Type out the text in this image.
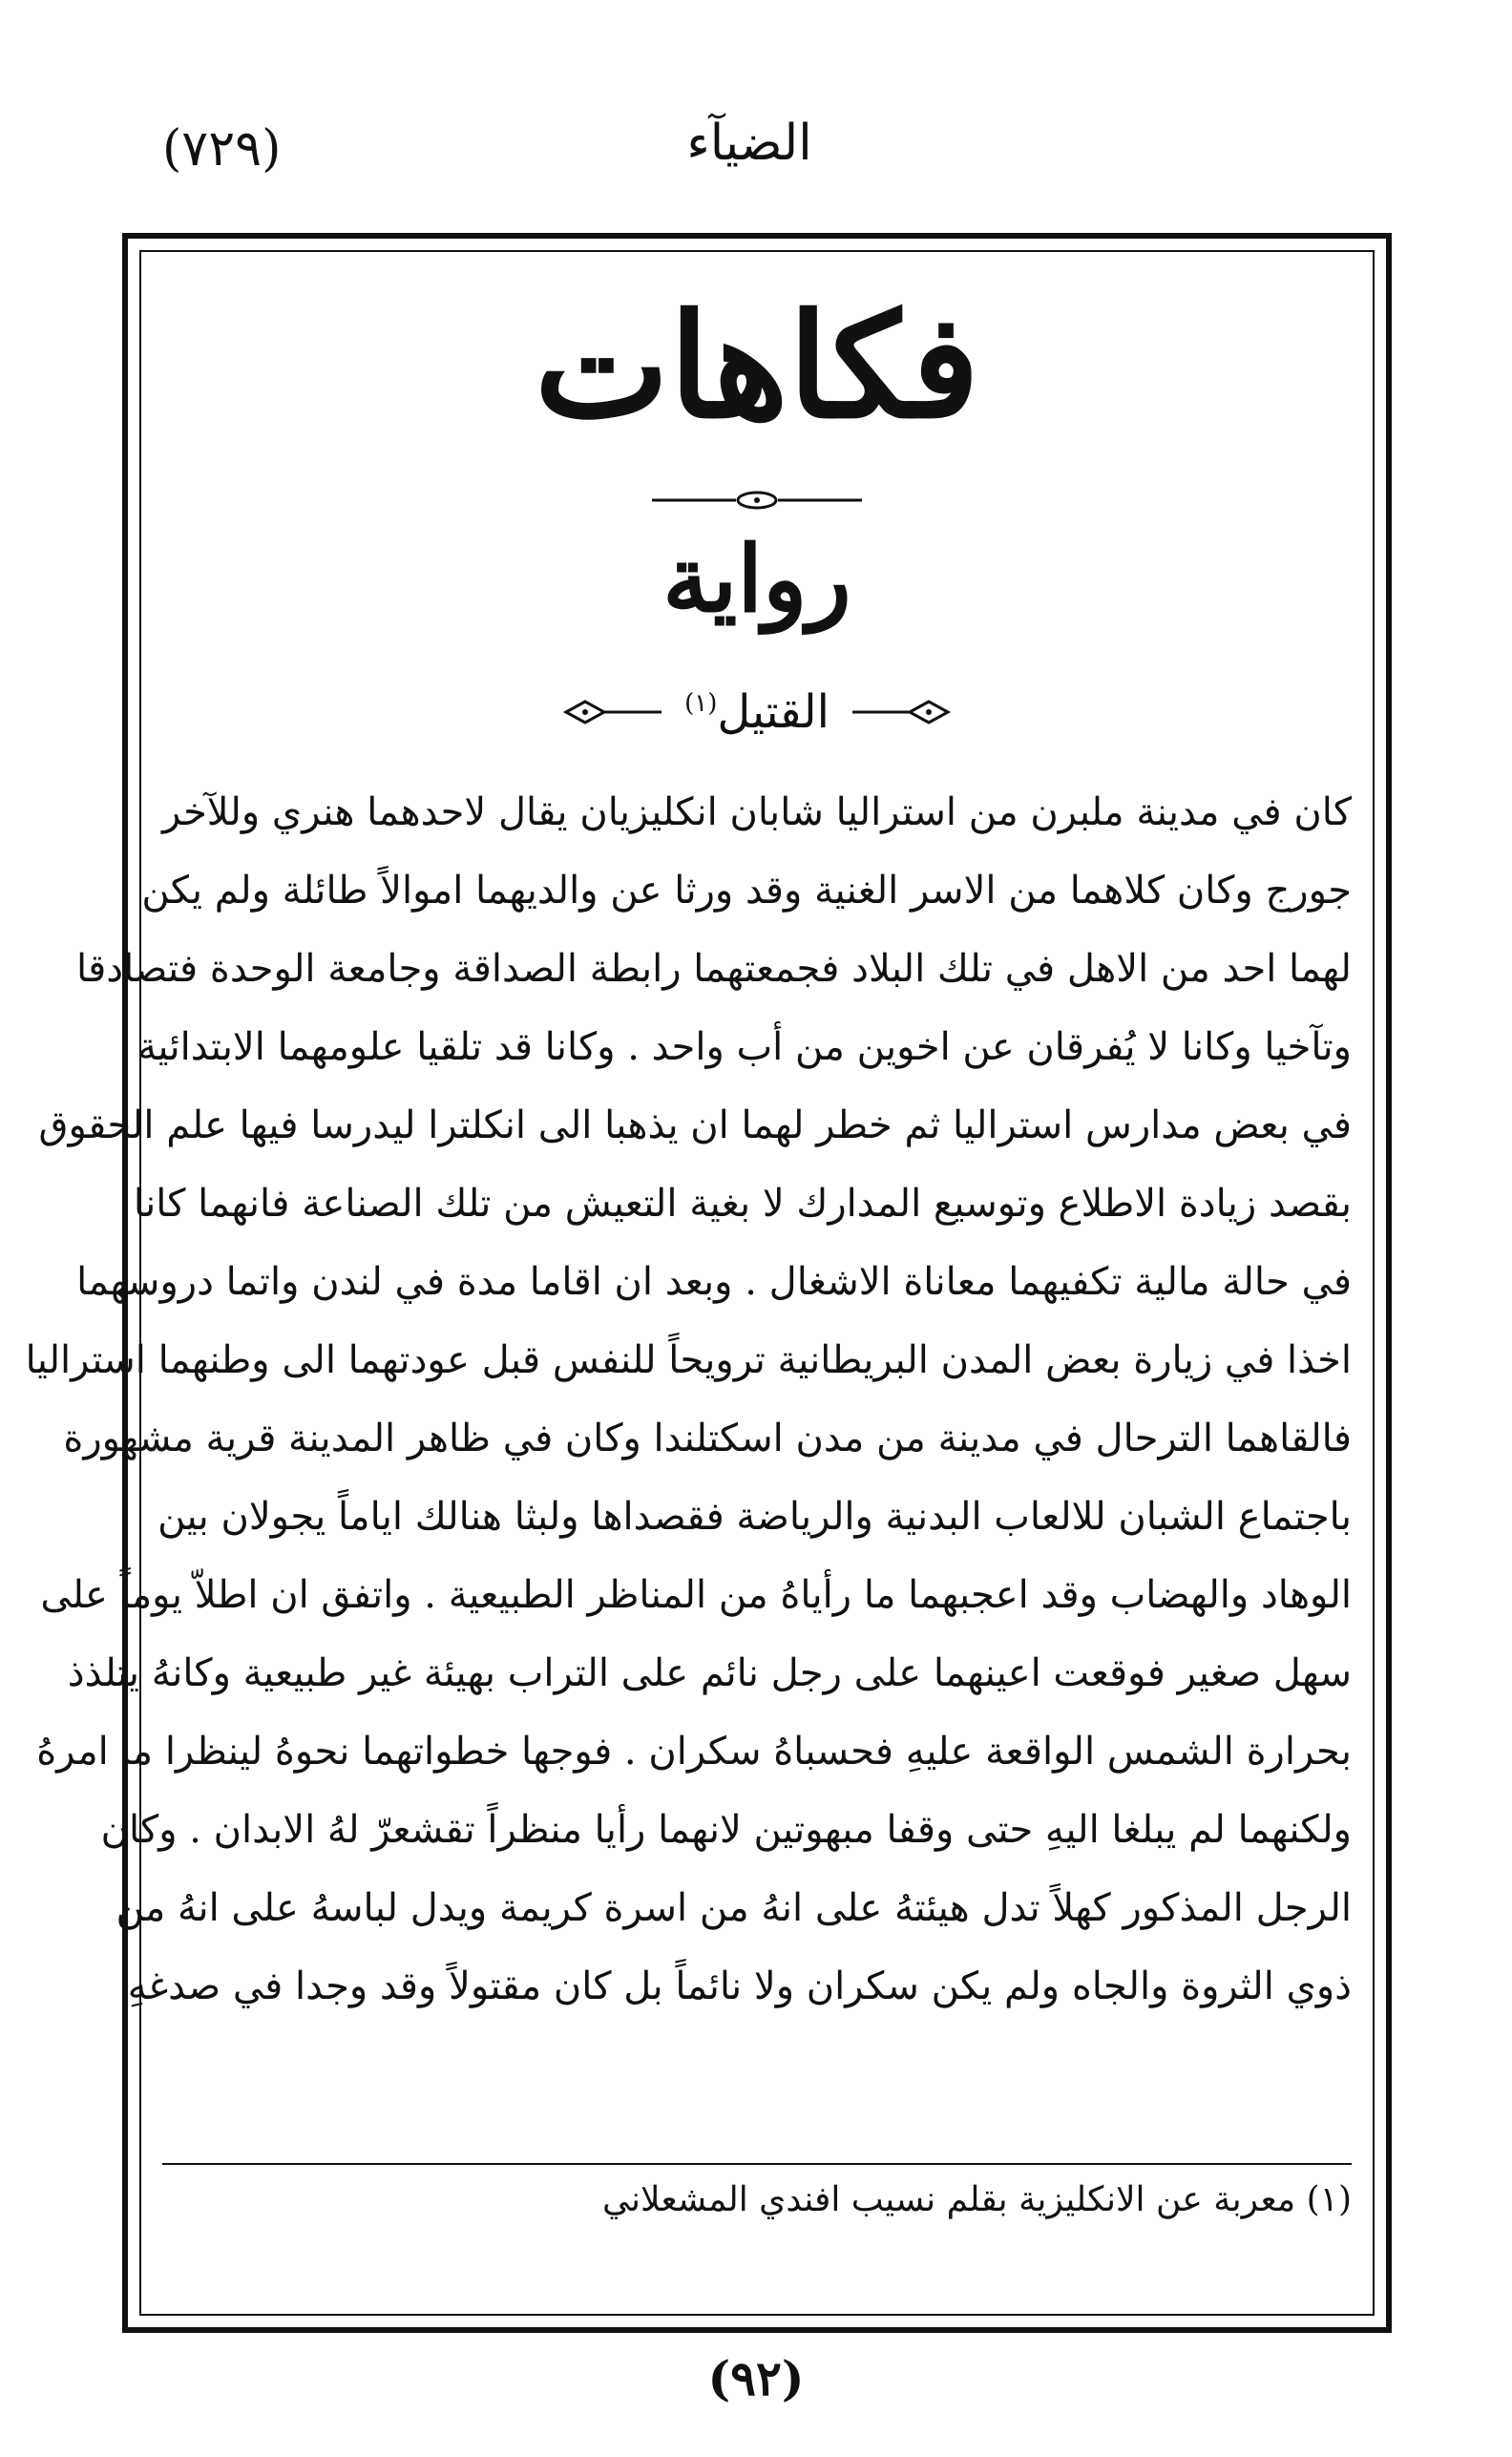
الضيآء
(٧٢٩)
فكاهات
رواية
القتيل$^{(١)}$
كان في مدينة ملبرن من استراليا شابان انكليزيان يقال لاحدهما هنري وللآخر
جورج وكان كلاهما من الاسر الغنية وقد ورثا عن والديهما اموالاً طائلة ولم يكن
لهما احد من الاهل في تلك البلاد فجمعتهما رابطة الصداقة وجامعة الوحدة فتصادقا
وتآخيا وكانا لا يُفرقان عن اخوين من أب واحد . وكانا قد تلقيا علومهما الابتدائية
في بعض مدارس استراليا ثم خطر لهما ان يذهبا الى انكلترا ليدرسا فيها علم الحقوق
بقصد زيادة الاطلاع وتوسيع المدارك لا بغية التعيش من تلك الصناعة فانهما كانا
في حالة مالية تكفيهما معاناة الاشغال . وبعد ان اقاما مدة في لندن واتما دروسهما
اخذا في زيارة بعض المدن البريطانية ترويحاً للنفس قبل عودتهما الى وطنهما استراليا
فالقاهما الترحال في مدينة من مدن اسكتلندا وكان في ظاهر المدينة قرية مشهورة
باجتماع الشبان للالعاب البدنية والرياضة فقصداها ولبثا هنالك اياماً يجولان بين
الوهاد والهضاب وقد اعجبهما ما رأياهُ من المناظر الطبيعية . واتفق ان اطلاّ يوماً على
سهل صغير فوقعت اعينهما على رجل نائم على التراب بهيئة غير طبيعية وكانهُ يتلذذ
بحرارة الشمس الواقعة عليهِ فحسباهُ سكران . فوجها خطواتهما نحوهُ لينظرا ما امرهُ
ولكنهما لم يبلغا اليهِ حتى وقفا مبهوتين لانهما رأيا منظراً تقشعرّ لهُ الابدان . وكان
الرجل المذكور كهلاً تدل هيئتهُ على انهُ من اسرة كريمة ويدل لباسهُ على انهُ من
ذوي الثروة والجاه ولم يكن سكران ولا نائماً بل كان مقتولاً وقد وجدا في صدغهِ
(١) معربة عن الانكليزية بقلم نسيب افندي المشعلاني
(٩٢)
